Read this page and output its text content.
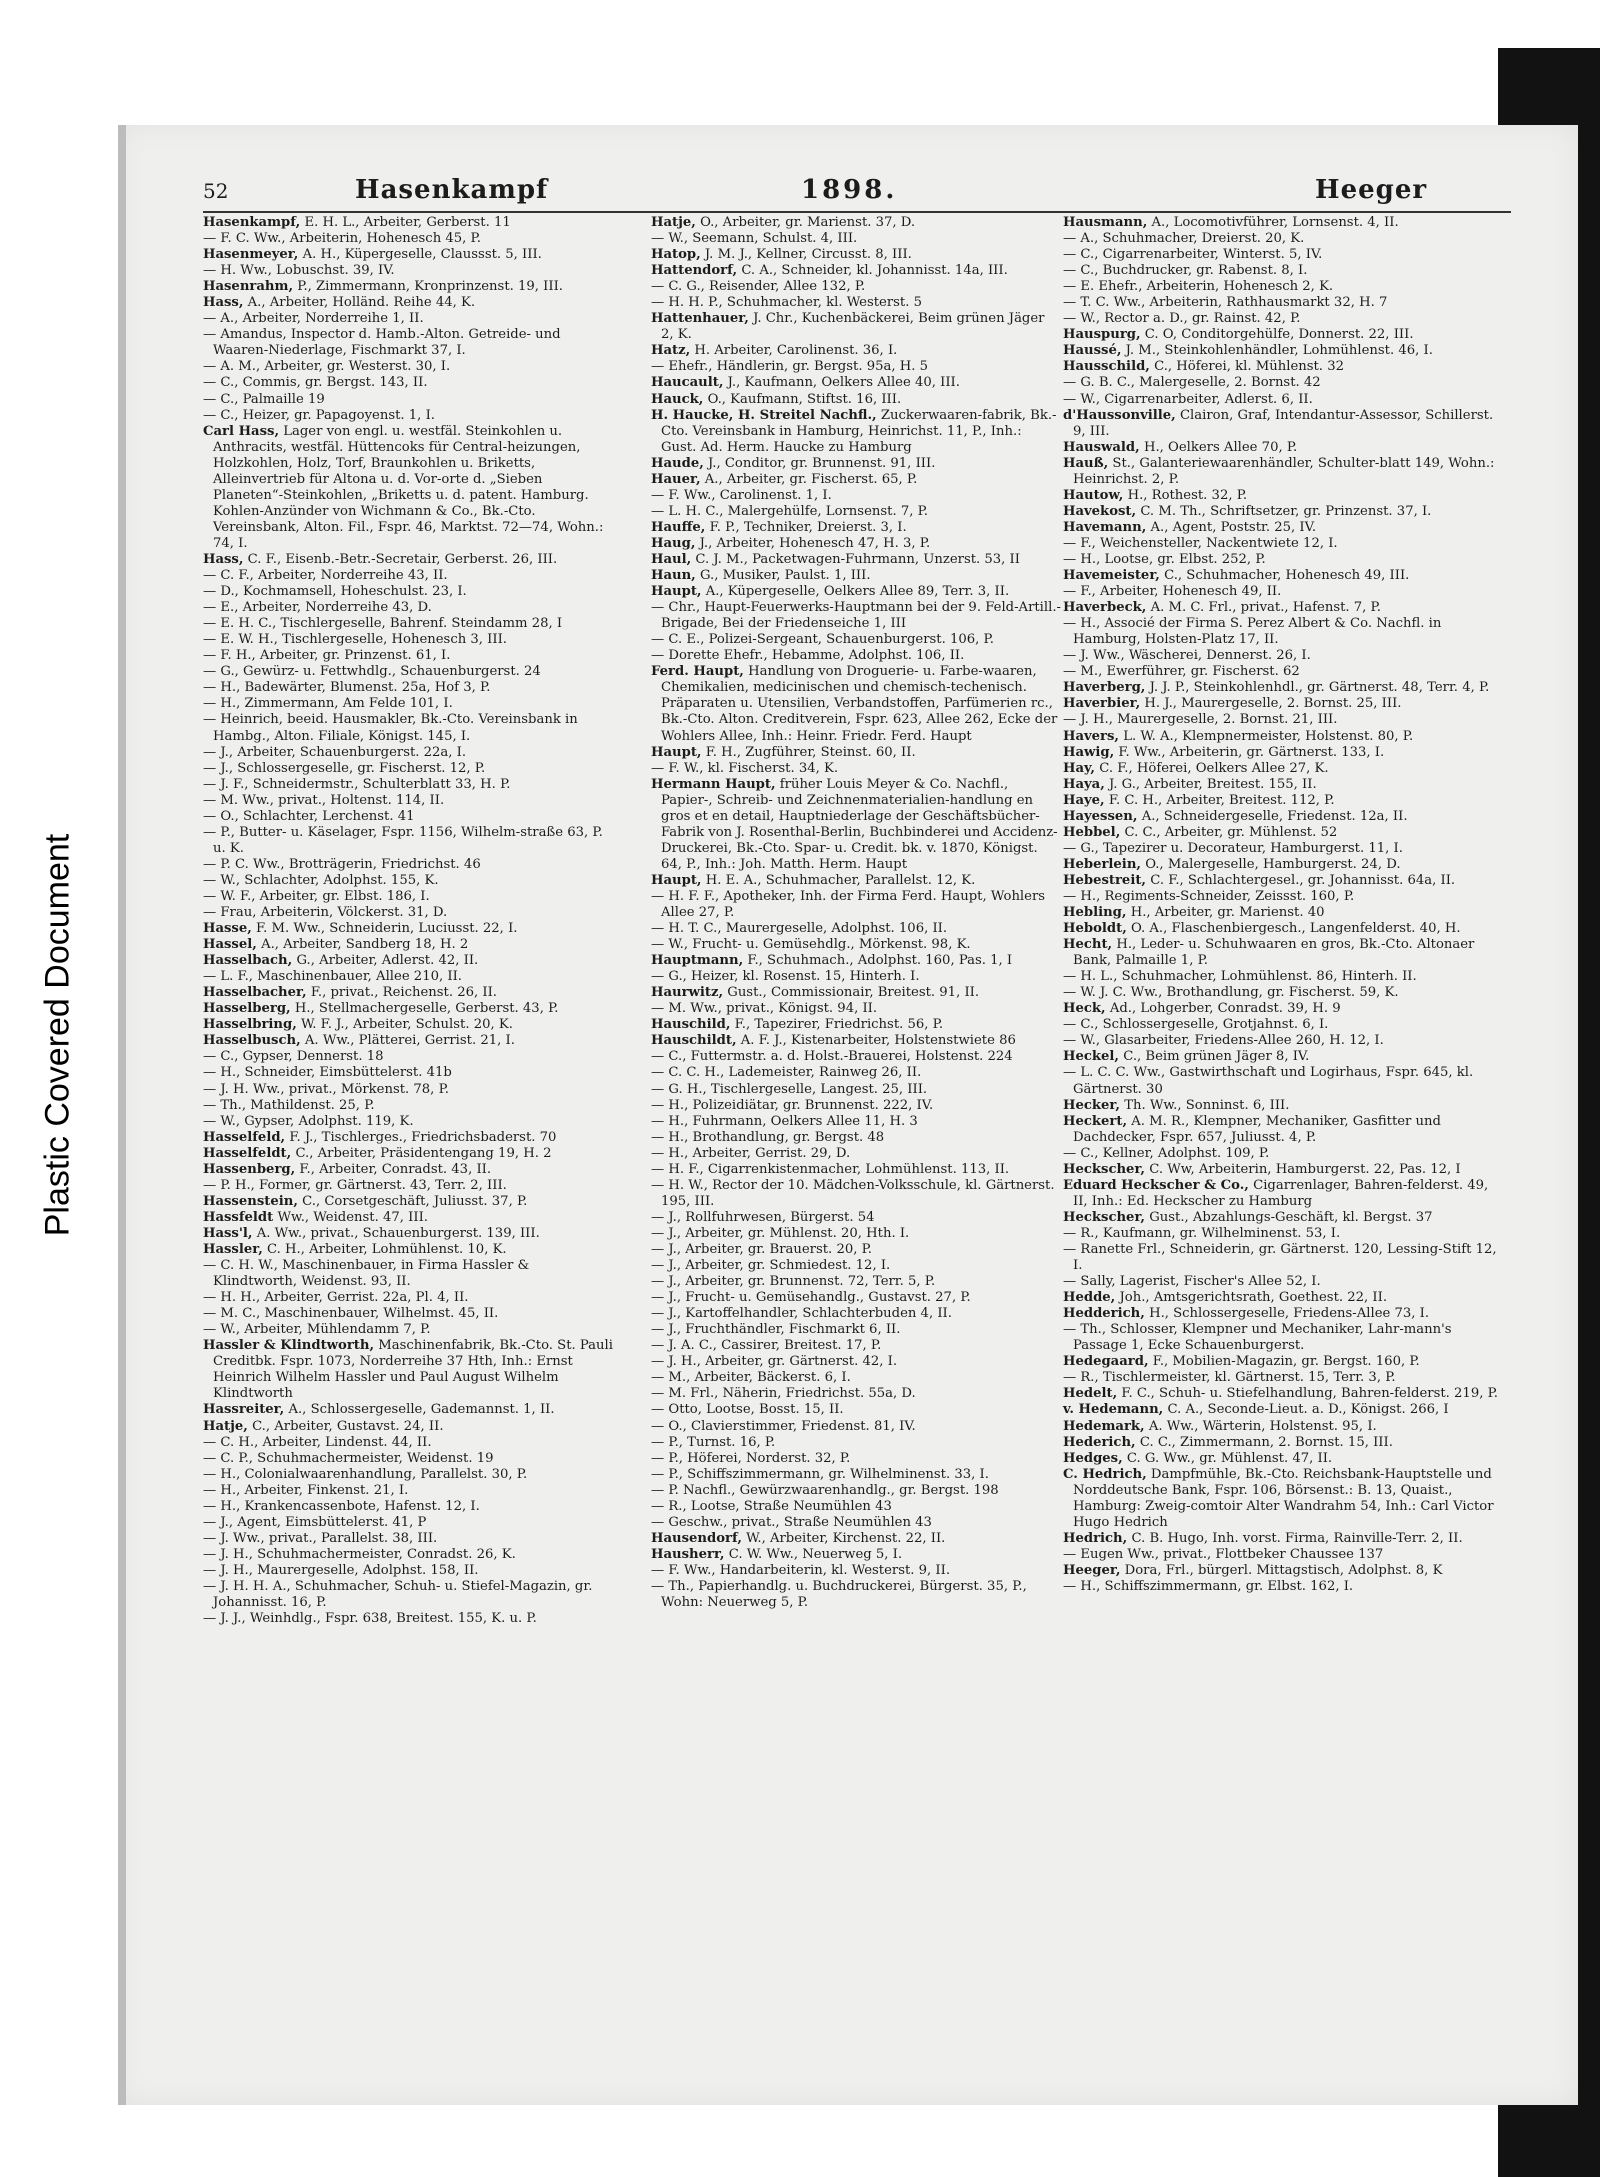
Plastic Covered Document
52	Hasenkampf	1898.	Heeger

Hasenkampf, E. H. L., Arbeiter, Gerberst. 11

— F. C. Ww., Arbeiterin, Hohenesch 45, P.

Hasenmeyer, A. H., Küpergeselle, Claussst. 5, III.

— H. Ww., Lobuschst. 39, IV.

Hasenrahm, P., Zimmermann, Kronprinzenst. 19, III.

Hass, A., Arbeiter, Holländ. Reihe 44, K.

— A., Arbeiter, Norderreihe 1, II.

— Amandus, Inspector d. Hamb.-Alton. Getreide- und Waaren-Niederlage, Fischmarkt 37, I.

— A. M., Arbeiter, gr. Westerst. 30, I.

— C., Commis, gr. Bergst. 143, II.

— C., Palmaille 19

— C., Heizer, gr. Papagoyenst. 1, I.

Carl Hass, Lager von engl. u. westfäl. Steinkohlen u. Anthracits, westfäl. Hüttencoks für Central-heizungen, Holzkohlen, Holz, Torf, Braunkohlen u. Briketts, Alleinvertrieb für Altona u. d. Vor-orte d. „Sieben Planeten“-Steinkohlen, „Briketts u. d. patent. Hamburg. Kohlen-Anzünder von Wichmann & Co., Bk.-Cto. Vereinsbank, Alton. Fil., Fspr. 46, Marktst. 72—74, Wohn.: 74, I.

Hass, C. F., Eisenb.-Betr.-Secretair, Gerberst. 26, III.

— C. F., Arbeiter, Norderreihe 43, II.

— D., Kochmamsell, Hoheschulst. 23, I.

— E., Arbeiter, Norderreihe 43, D.

— E. H. C., Tischlergeselle, Bahrenf. Steindamm 28, I

— E. W. H., Tischlergeselle, Hohenesch 3, III.

— F. H., Arbeiter, gr. Prinzenst. 61, I.

— G., Gewürz- u. Fettwhdlg., Schauenburgerst. 24

— H., Badewärter, Blumenst. 25a, Hof 3, P.

— H., Zimmermann, Am Felde 101, I.

— Heinrich, beeid. Hausmakler, Bk.-Cto. Vereinsbank in Hambg., Alton. Filiale, Königst. 145, I.

— J., Arbeiter, Schauenburgerst. 22a, I.

— J., Schlossergeselle, gr. Fischerst. 12, P.

— J. F., Schneidermstr., Schulterblatt 33, H. P.

— M. Ww., privat., Holtenst. 114, II.

— O., Schlachter, Lerchenst. 41

— P., Butter- u. Käselager, Fspr. 1156, Wilhelm-straße 63, P. u. K.

— P. C. Ww., Brotträgerin, Friedrichst. 46

— W., Schlachter, Adolphst. 155, K.

— W. F., Arbeiter, gr. Elbst. 186, I.

— Frau, Arbeiterin, Völckerst. 31, D.

Hasse, F. M. Ww., Schneiderin, Luciusst. 22, I.

Hassel, A., Arbeiter, Sandberg 18, H. 2

Hasselbach, G., Arbeiter, Adlerst. 42, II.

— L. F., Maschinenbauer, Allee 210, II.

Hasselbacher, F., privat., Reichenst. 26, II.

Hasselberg, H., Stellmachergeselle, Gerberst. 43, P.

Hasselbring, W. F. J., Arbeiter, Schulst. 20, K.

Hasselbusch, A. Ww., Plätterei, Gerrist. 21, I.

— C., Gypser, Dennerst. 18

— H., Schneider, Eimsbüttelerst. 41b

— J. H. Ww., privat., Mörkenst. 78, P.

— Th., Mathildenst. 25, P.

— W., Gypser, Adolphst. 119, K.

Hasselfeld, F. J., Tischlerges., Friedrichsbaderst. 70

Hasselfeldt, C., Arbeiter, Präsidentengang 19, H. 2

Hassenberg, F., Arbeiter, Conradst. 43, II.

— P. H., Former, gr. Gärtnerst. 43, Terr. 2, III.

Hassenstein, C., Corsetgeschäft, Juliusst. 37, P.

Hassfeldt Ww., Weidenst. 47, III.

Hass'l, A. Ww., privat., Schauenburgerst. 139, III.

Hassler, C. H., Arbeiter, Lohmühlenst. 10, K.

— C. H. W., Maschinenbauer, in Firma Hassler & Klindtworth, Weidenst. 93, II.

— H. H., Arbeiter, Gerrist. 22a, Pl. 4, II.

— M. C., Maschinenbauer, Wilhelmst. 45, II.

— W., Arbeiter, Mühlendamm 7, P.

Hassler & Klindtworth, Maschinenfabrik, Bk.-Cto. St. Pauli Creditbk. Fspr. 1073, Norderreihe 37 Hth, Inh.: Ernst Heinrich Wilhelm Hassler und Paul August Wilhelm Klindtworth

Hassreiter, A., Schlossergeselle, Gademannst. 1, II.

Hatje, C., Arbeiter, Gustavst. 24, II.

— C. H., Arbeiter, Lindenst. 44, II.

— C. P., Schuhmachermeister, Weidenst. 19

— H., Colonialwaarenhandlung, Parallelst. 30, P.

— H., Arbeiter, Finkenst. 21, I.

— H., Krankencassenbote, Hafenst. 12, I.

— J., Agent, Eimsbüttelerst. 41, P

— J. Ww., privat., Parallelst. 38, III.

— J. H., Schuhmachermeister, Conradst. 26, K.

— J. H., Maurergeselle, Adolphst. 158, II.

— J. H. H. A., Schuhmacher, Schuh- u. Stiefel-Magazin, gr. Johannisst. 16, P.

— J. J., Weinhdlg., Fspr. 638, Breitest. 155, K. u. P.

Hatje, O., Arbeiter, gr. Marienst. 37, D.

— W., Seemann, Schulst. 4, III.

Hatop, J. M. J., Kellner, Circusst. 8, III.

Hattendorf, C. A., Schneider, kl. Johannisst. 14a, III.

— C. G., Reisender, Allee 132, P.

— H. H. P., Schuhmacher, kl. Westerst. 5

Hattenhauer, J. Chr., Kuchenbäckerei, Beim grünen Jäger 2, K.

Hatz, H. Arbeiter, Carolinenst. 36, I.

— Ehefr., Händlerin, gr. Bergst. 95a, H. 5

Haucault, J., Kaufmann, Oelkers Allee 40, III.

Hauck, O., Kaufmann, Stiftst. 16, III.

H. Haucke, H. Streitel Nachfl., Zuckerwaaren-fabrik, Bk.-Cto. Vereinsbank in Hamburg, Heinrichst. 11, P., Inh.: Gust. Ad. Herm. Haucke zu Hamburg

Haude, J., Conditor, gr. Brunnenst. 91, III.

Hauer, A., Arbeiter, gr. Fischerst. 65, P.

— F. Ww., Carolinenst. 1, I.

— L. H. C., Malergehülfe, Lornsenst. 7, P.

Hauffe, F. P., Techniker, Dreierst. 3, I.

Haug, J., Arbeiter, Hohenesch 47, H. 3, P.

Haul, C. J. M., Packetwagen-Fuhrmann, Unzerst. 53, II

Haun, G., Musiker, Paulst. 1, III.

Haupt, A., Küpergeselle, Oelkers Allee 89, Terr. 3, II.

— Chr., Haupt-Feuerwerks-Hauptmann bei der 9. Feld-Artill.-Brigade, Bei der Friedenseiche 1, III

— C. E., Polizei-Sergeant, Schauenburgerst. 106, P.

— Dorette Ehefr., Hebamme, Adolphst. 106, II.

Ferd. Haupt, Handlung von Droguerie- u. Farbe-waaren, Chemikalien, medicinischen und chemisch-techenisch. Präparaten u. Utensilien, Verbandstoffen, Parfümerien rc., Bk.-Cto. Alton. Creditverein, Fspr. 623, Allee 262, Ecke der Wohlers Allee, Inh.: Heinr. Friedr. Ferd. Haupt

Haupt, F. H., Zugführer, Steinst. 60, II.

— F. W., kl. Fischerst. 34, K.

Hermann Haupt, früher Louis Meyer & Co. Nachfl., Papier-, Schreib- und Zeichnenmaterialien-handlung en gros et en detail, Hauptniederlage der Geschäftsbücher-Fabrik von J. Rosenthal-Berlin, Buchbinderei und Accidenz-Druckerei, Bk.-Cto. Spar- u. Credit. bk. v. 1870, Königst. 64, P., Inh.: Joh. Matth. Herm. Haupt

Haupt, H. E. A., Schuhmacher, Parallelst. 12, K.

— H. F. F., Apotheker, Inh. der Firma Ferd. Haupt, Wohlers Allee 27, P.

— H. T. C., Maurergeselle, Adolphst. 106, II.

— W., Frucht- u. Gemüsehdlg., Mörkenst. 98, K.

Hauptmann, F., Schuhmach., Adolphst. 160, Pas. 1, I

— G., Heizer, kl. Rosenst. 15, Hinterh. I.

Haurwitz, Gust., Commissionair, Breitest. 91, II.

— M. Ww., privat., Königst. 94, II.

Hauschild, F., Tapezirer, Friedrichst. 56, P.

Hauschildt, A. F. J., Kistenarbeiter, Holstenstwiete 86

— C., Futtermstr. a. d. Holst.-Brauerei, Holstenst. 224

— C. C. H., Lademeister, Rainweg 26, II.

— G. H., Tischlergeselle, Langest. 25, III.

— H., Polizeidiätar, gr. Brunnenst. 222, IV.

— H., Fuhrmann, Oelkers Allee 11, H. 3

— H., Brothandlung, gr. Bergst. 48

— H., Arbeiter, Gerrist. 29, D.

— H. F., Cigarrenkistenmacher, Lohmühlenst. 113, II.

— H. W., Rector der 10. Mädchen-Volksschule, kl. Gärtnerst. 195, III.

— J., Rollfuhrwesen, Bürgerst. 54

— J., Arbeiter, gr. Mühlenst. 20, Hth. I.

— J., Arbeiter, gr. Brauerst. 20, P.

— J., Arbeiter, gr. Schmiedest. 12, I.

— J., Arbeiter, gr. Brunnenst. 72, Terr. 5, P.

— J., Frucht- u. Gemüsehandlg., Gustavst. 27, P.

— J., Kartoffelhandler, Schlachterbuden 4, II.

— J., Fruchthändler, Fischmarkt 6, II.

— J. A. C., Cassirer, Breitest. 17, P.

— J. H., Arbeiter, gr. Gärtnerst. 42, I.

— M., Arbeiter, Bäckerst. 6, I.

— M. Frl., Näherin, Friedrichst. 55a, D.

— Otto, Lootse, Bosst. 15, II.

— O., Clavierstimmer, Friedenst. 81, IV.

— P., Turnst. 16, P.

— P., Höferei, Norderst. 32, P.

— P., Schiffszimmermann, gr. Wilhelminenst. 33, I.

— P. Nachfl., Gewürzwaarenhandlg., gr. Bergst. 198

— R., Lootse, Straße Neumühlen 43

— Geschw., privat., Straße Neumühlen 43

Hausendorf, W., Arbeiter, Kirchenst. 22, II.

Hausherr, C. W. Ww., Neuerweg 5, I.

— F. Ww., Handarbeiterin, kl. Westerst. 9, II.

— Th., Papierhandlg. u. Buchdruckerei, Bürgerst. 35, P., Wohn: Neuerweg 5, P.

Hausmann, A., Locomotivführer, Lornsenst. 4, II.

— A., Schuhmacher, Dreierst. 20, K.

— C., Cigarrenarbeiter, Winterst. 5, IV.

— C., Buchdrucker, gr. Rabenst. 8, I.

— E. Ehefr., Arbeiterin, Hohenesch 2, K.

— T. C. Ww., Arbeiterin, Rathhausmarkt 32, H. 7

— W., Rector a. D., gr. Rainst. 42, P.

Hauspurg, C. O, Conditorgehülfe, Donnerst. 22, III.

Haussé, J. M., Steinkohlenhändler, Lohmühlenst. 46, I.

Hausschild, C., Höferei, kl. Mühlenst. 32

— G. B. C., Malergeselle, 2. Bornst. 42

— W., Cigarrenarbeiter, Adlerst. 6, II.

d'Haussonville, Clairon, Graf, Intendantur-Assessor, Schillerst. 9, III.

Hauswald, H., Oelkers Allee 70, P.

Hauß, St., Galanteriewaarenhändler, Schulter-blatt 149, Wohn.: Heinrichst. 2, P.

Hautow, H., Rothest. 32, P.

Havekost, C. M. Th., Schriftsetzer, gr. Prinzenst. 37, I.

Havemann, A., Agent, Poststr. 25, IV.

— F., Weichensteller, Nackentwiete 12, I.

— H., Lootse, gr. Elbst. 252, P.

Havemeister, C., Schuhmacher, Hohenesch 49, III.

— F., Arbeiter, Hohenesch 49, II.

Haverbeck, A. M. C. Frl., privat., Hafenst. 7, P.

— H., Associé der Firma S. Perez Albert & Co. Nachfl. in Hamburg, Holsten-Platz 17, II.

— J. Ww., Wäscherei, Dennerst. 26, I.

— M., Ewerführer, gr. Fischerst. 62

Haverberg, J. J. P., Steinkohlenhdl., gr. Gärtnerst. 48, Terr. 4, P.

Haverbier, H. J., Maurergeselle, 2. Bornst. 25, III.

— J. H., Maurergeselle, 2. Bornst. 21, III.

Havers, L. W. A., Klempnermeister, Holstenst. 80, P.

Hawig, F. Ww., Arbeiterin, gr. Gärtnerst. 133, I.

Hay, C. F., Höferei, Oelkers Allee 27, K.

Haya, J. G., Arbeiter, Breitest. 155, II.

Haye, F. C. H., Arbeiter, Breitest. 112, P.

Hayessen, A., Schneidergeselle, Friedenst. 12a, II.

Hebbel, C. C., Arbeiter, gr. Mühlenst. 52

— G., Tapezirer u. Decorateur, Hamburgerst. 11, I.

Heberlein, O., Malergeselle, Hamburgerst. 24, D.

Hebestreit, C. F., Schlachtergesel., gr. Johannisst. 64a, II.

— H., Regiments-Schneider, Zeissst. 160, P.

Hebling, H., Arbeiter, gr. Marienst. 40

Heboldt, O. A., Flaschenbiergesch., Langenfelderst. 40, H.

Hecht, H., Leder- u. Schuhwaaren en gros, Bk.-Cto. Altonaer Bank, Palmaille 1, P.

— H. L., Schuhmacher, Lohmühlenst. 86, Hinterh. II.

— W. J. C. Ww., Brothandlung, gr. Fischerst. 59, K.

Heck, Ad., Lohgerber, Conradst. 39, H. 9

— C., Schlossergeselle, Grotjahnst. 6, I.

— W., Glasarbeiter, Friedens-Allee 260, H. 12, I.

Heckel, C., Beim grünen Jäger 8, IV.

— L. C. C. Ww., Gastwirthschaft und Logirhaus, Fspr. 645, kl. Gärtnerst. 30

Hecker, Th. Ww., Sonninst. 6, III.

Heckert, A. M. R., Klempner, Mechaniker, Gasfitter und Dachdecker, Fspr. 657, Juliusst. 4, P.

— C., Kellner, Adolphst. 109, P.

Heckscher, C. Ww, Arbeiterin, Hamburgerst. 22, Pas. 12, I

Eduard Heckscher & Co., Cigarrenlager, Bahren-felderst. 49, II, Inh.: Ed. Heckscher zu Hamburg

Heckscher, Gust., Abzahlungs-Geschäft, kl. Bergst. 37

— R., Kaufmann, gr. Wilhelminenst. 53, I.

— Ranette Frl., Schneiderin, gr. Gärtnerst. 120, Lessing-Stift 12, I.

— Sally, Lagerist, Fischer's Allee 52, I.

Hedde, Joh., Amtsgerichtsrath, Goethest. 22, II.

Hedderich, H., Schlossergeselle, Friedens-Allee 73, I.

— Th., Schlosser, Klempner und Mechaniker, Lahr-mann's Passage 1, Ecke Schauenburgerst.

Hedegaard, F., Mobilien-Magazin, gr. Bergst. 160, P.

— R., Tischlermeister, kl. Gärtnerst. 15, Terr. 3, P.

Hedelt, F. C., Schuh- u. Stiefelhandlung, Bahren-felderst. 219, P.

v. Hedemann, C. A., Seconde-Lieut. a. D., Königst. 266, I

Hedemark, A. Ww., Wärterin, Holstenst. 95, I.

Hederich, C. C., Zimmermann, 2. Bornst. 15, III.

Hedges, C. G. Ww., gr. Mühlenst. 47, II.

C. Hedrich, Dampfmühle, Bk.-Cto. Reichsbank-Hauptstelle und Norddeutsche Bank, Fspr. 106, Börsenst.: B. 13, Quaist., Hamburg: Zweig-comtoir Alter Wandrahm 54, Inh.: Carl Victor Hugo Hedrich

Hedrich, C. B. Hugo, Inh. vorst. Firma, Rainville-Terr. 2, II.

— Eugen Ww., privat., Flottbeker Chaussee 137

Heeger, Dora, Frl., bürgerl. Mittagstisch, Adolphst. 8, K

— H., Schiffszimmermann, gr. Elbst. 162, I.
